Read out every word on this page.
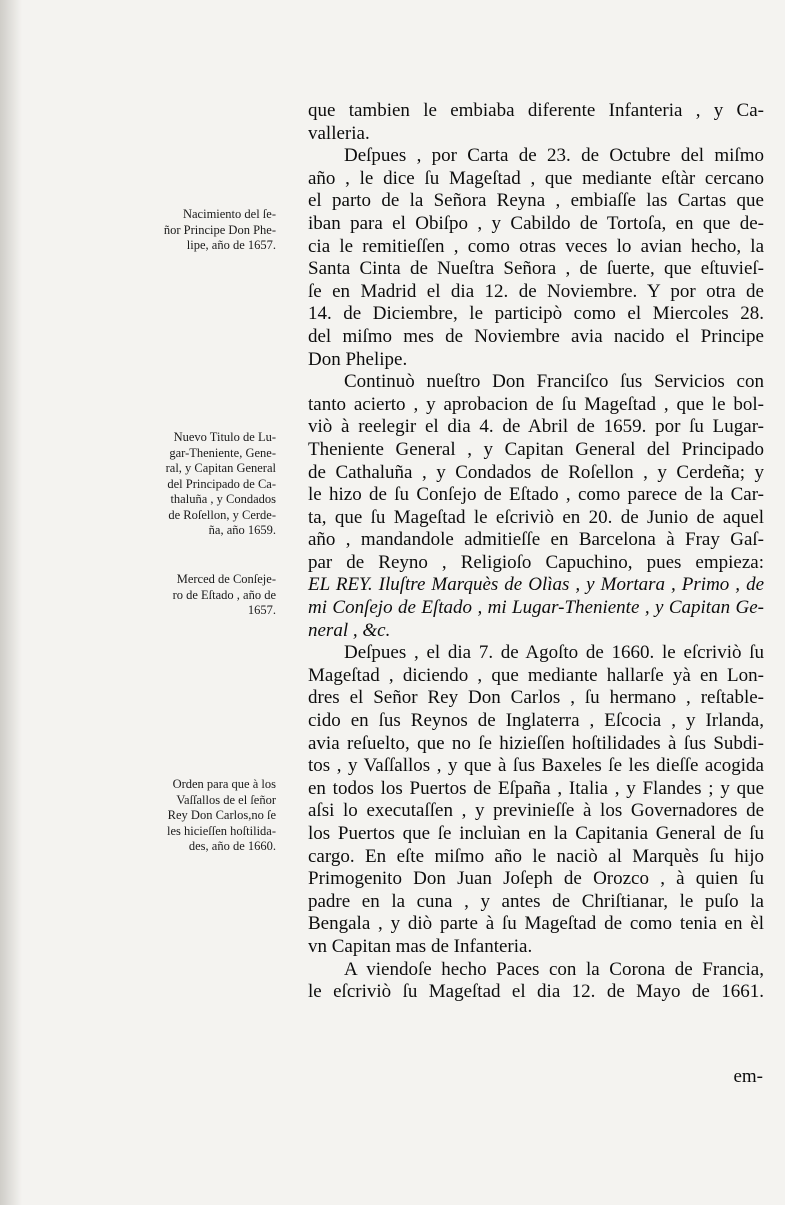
Nacimiento del ſe-
ñor Principe Don Phe-
lipe, año de 1657.
Nuevo Titulo de Lu-
gar-Theniente, Gene-
ral, y Capitan General
del Principado de Ca-
thaluña , y Condados
de Roſellon, y Cerde-
ña, año 1659.
Merced de Conſeje-
ro de Eſtado , año de
1657.
Orden para que à los
Vaſſallos de el ſeñor
Rey Don Carlos,no ſe
les hicieſſen hoſtilida-
des, año de 1660.
que tambien le embiaba diferente Infanteria , y Ca-
valleria.
Deſpues , por Carta de 23. de Octubre del miſmo
año , le dice ſu Mageſtad , que mediante eſtàr cercano
el parto de la Señora Reyna , embiaſſe las Cartas que
iban para el Obiſpo , y Cabildo de Tortoſa, en que de-
cia le remitieſſen , como otras veces lo avian hecho, la
Santa Cinta de Nueſtra Señora , de ſuerte, que eſtuvieſ-
ſe en Madrid el dia 12. de Noviembre. Y por otra de
14. de Diciembre, le participò como el Miercoles 28.
del miſmo mes de Noviembre avia nacido el Principe
Don Phelipe.
Continuò nueſtro Don Franciſco ſus Servicios con
tanto acierto , y aprobacion de ſu Mageſtad , que le bol-
viò à reelegir el dia 4. de Abril de 1659. por ſu Lugar-
Theniente General , y Capitan General del Principado
de Cathaluña , y Condados de Roſellon , y Cerdeña; y
le hizo de ſu Conſejo de Eſtado , como parece de la Car-
ta, que ſu Mageſtad le eſcriviò en 20. de Junio de aquel
año , mandandole admitieſſe en Barcelona à Fray Gaſ-
par de Reyno , Religioſo Capuchino, pues empieza:
EL REY. Iluſtre Marquès de Olìas , y Mortara , Primo , de
mi Conſejo de Eſtado , mi Lugar-Theniente , y Capitan Ge-
neral , &c.
Deſpues , el dia 7. de Agoſto de 1660. le eſcriviò ſu
Mageſtad , diciendo , que mediante hallarſe yà en Lon-
dres el Señor Rey Don Carlos , ſu hermano , reſtable-
cido en ſus Reynos de Inglaterra , Eſcocia , y Irlanda,
avia reſuelto, que no ſe hizieſſen hoſtilidades à ſus Subdi-
tos , y Vaſſallos , y que à ſus Baxeles ſe les dieſſe acogida
en todos los Puertos de Eſpaña , Italia , y Flandes ; y que
aſsi lo executaſſen , y previnieſſe à los Governadores de
los Puertos que ſe incluìan en la Capitania General de ſu
cargo. En eſte miſmo año le naciò al Marquès ſu hijo
Primogenito Don Juan Joſeph de Orozco , à quien ſu
padre en la cuna , y antes de Chriſtianar, le puſo la
Bengala , y diò parte à ſu Mageſtad de como tenia en èl
vn Capitan mas de Infanteria.
A viendoſe hecho Paces con la Corona de Francia,
le eſcriviò ſu Mageſtad el dia 12. de Mayo de 1661.
em-
